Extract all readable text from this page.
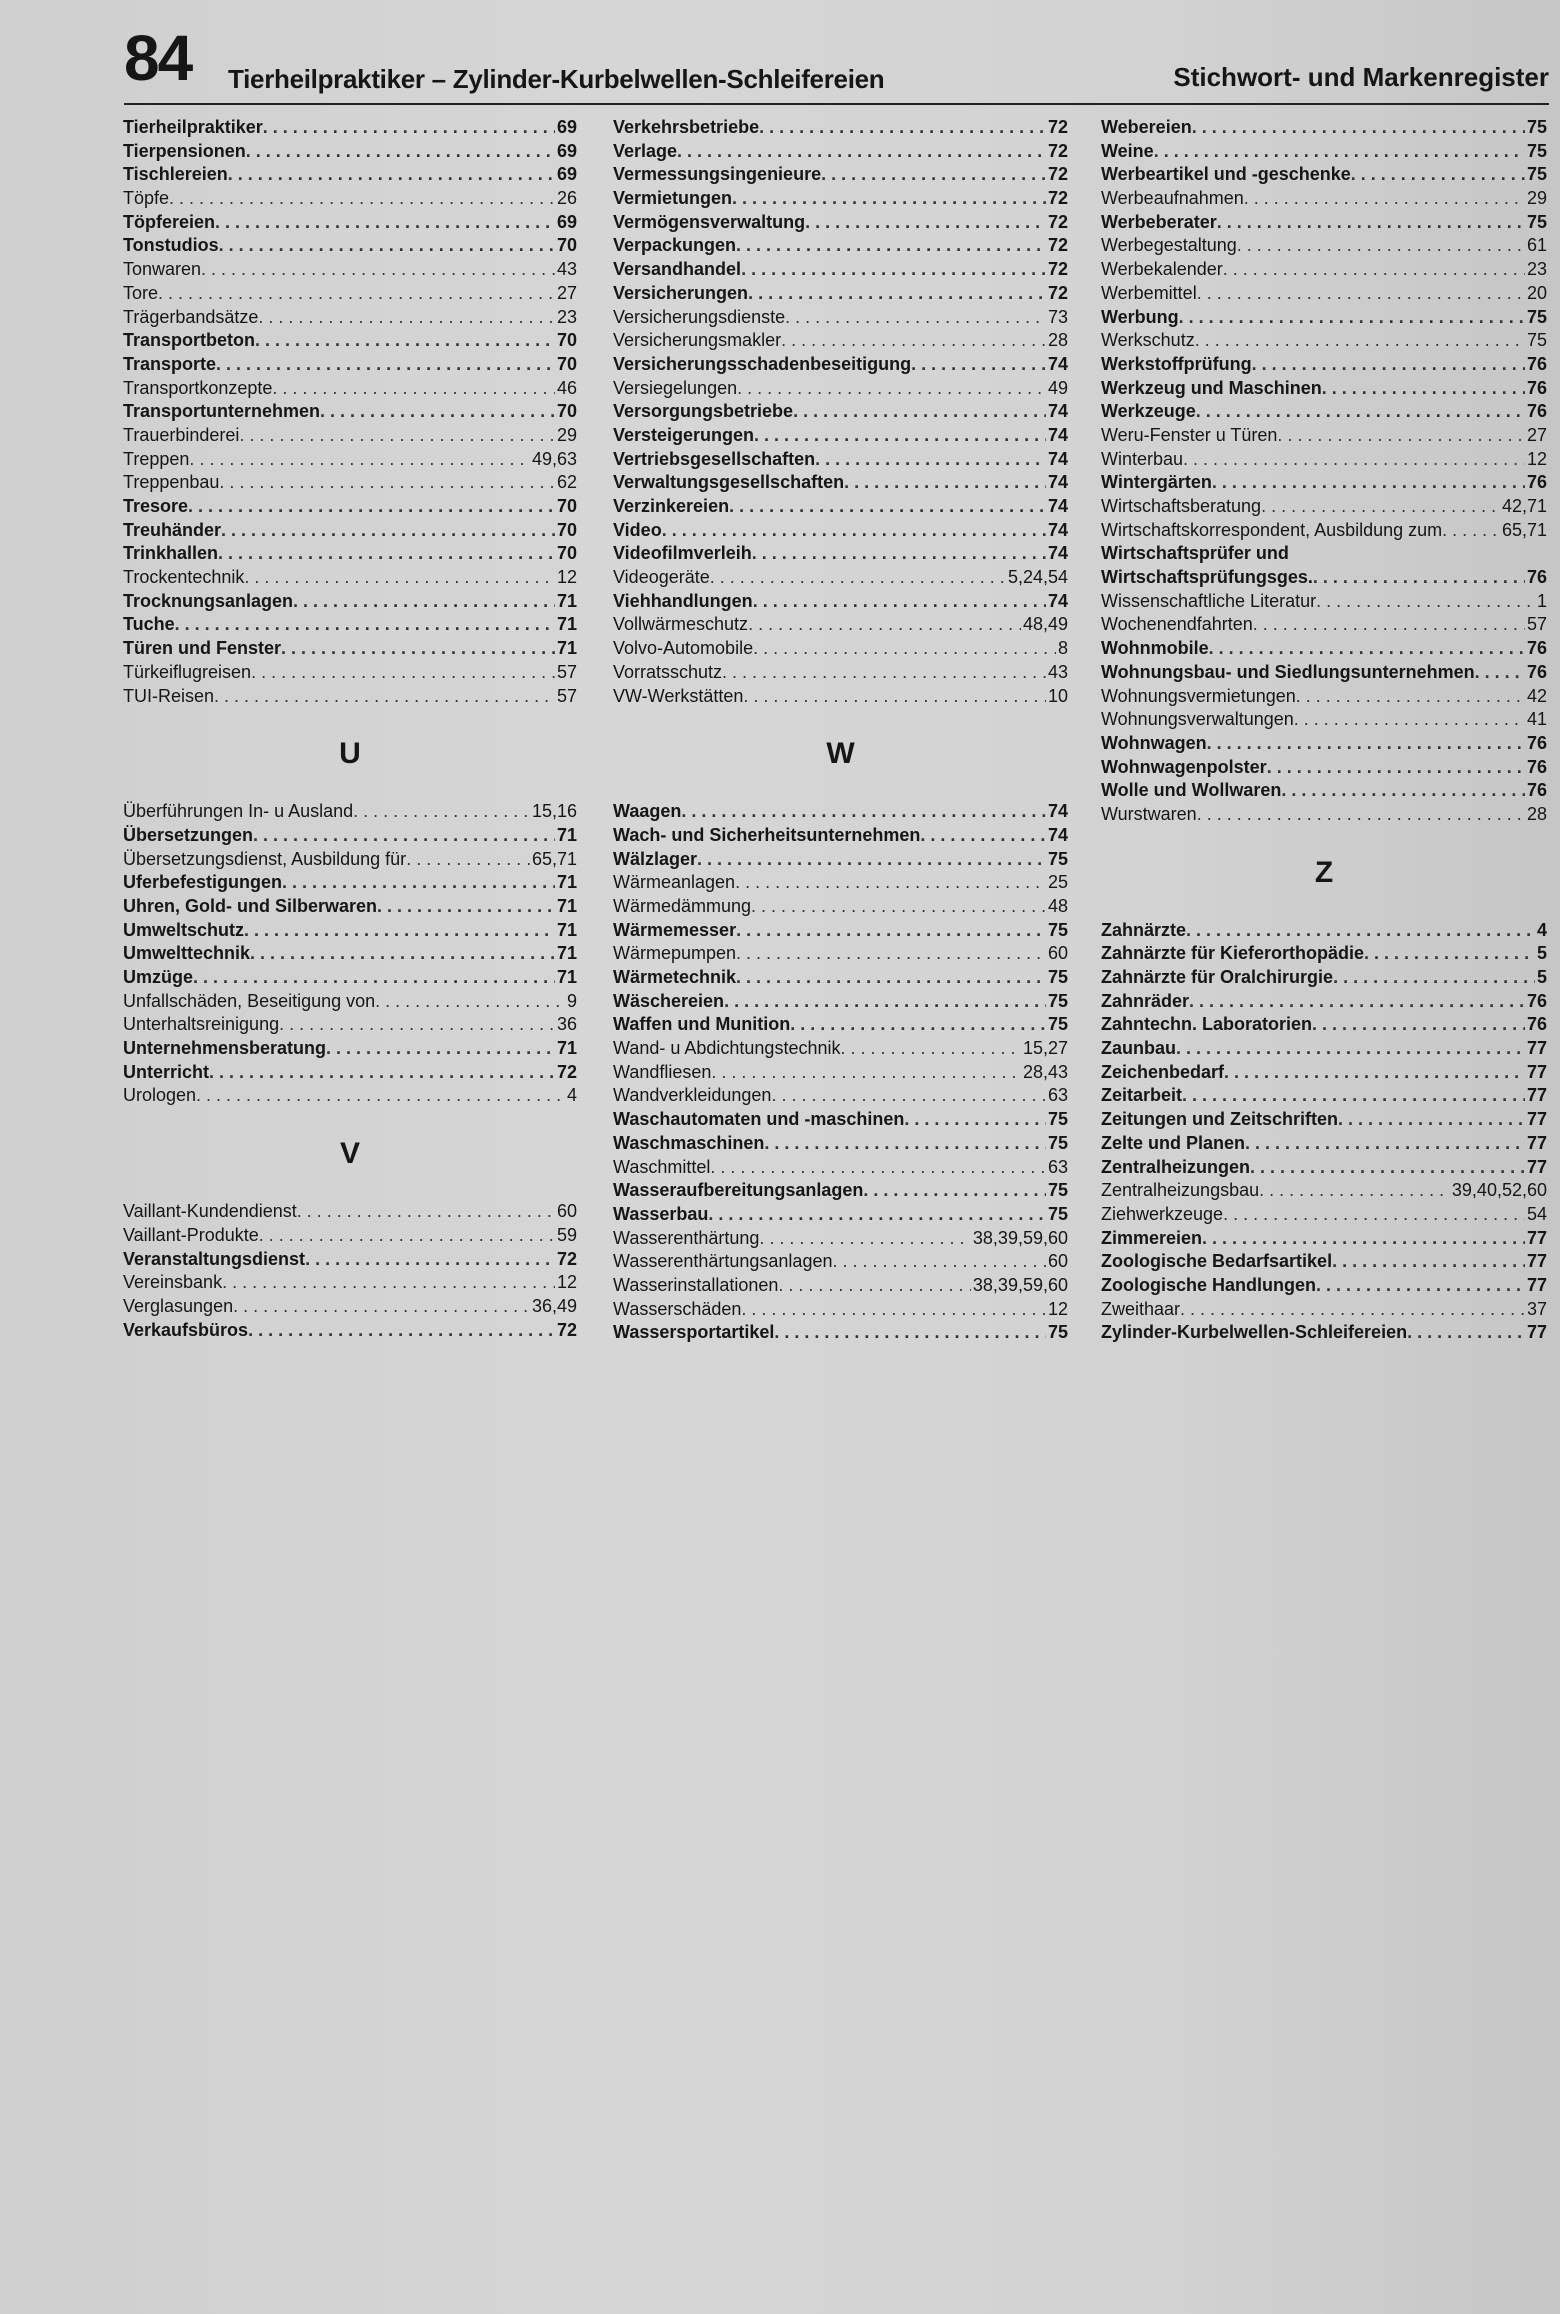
84 Tierheilpraktiker – Zylinder-Kurbelwellen-Schleifereien	Stichwort- und Markenregister
Tierheilpraktiker . . .	69
Tierpensionen . . .	69
Tischlereien . . .	69
Töpfe . . .	26
Töpfereien . . .	69
Tonstudios . . .	70
Tonwaren . . .	43
Tore . . .	27
Trägerbandsätze . . .	23
Transportbeton . . .	70
Transporte . . .	70
Transportkonzepte . . .	46
Transportunternehmen . . .	70
Trauerbinderei . . .	29
Treppen . . .	49,63
Treppenbau . . .	62
Tresore . . .	70
Treuhänder . . .	70
Trinkhallen . . .	70
Trockentechnik . . .	12
Trocknungsanlagen . . .	71
Tuche . . .	71
Türen und Fenster . . .	71
Türkeiflugreisen . . .	57
TUI-Reisen . . .	57
U
Überführungen In- u Ausland . . .	15,16
Übersetzungen . . .	71
Übersetzungsdienst, Ausbildung für . . .	65,71
Uferbefestigungen . . .	71
Uhren, Gold- und Silberwaren . . .	71
Umweltschutz . . .	71
Umwelttechnik . . .	71
Umzüge . . .	71
Unfallschäden, Beseitigung von . . .	9
Unterhaltsreinigung . . .	36
Unternehmensberatung . . .	71
Unterricht . . .	72
Urologen . . .	4
V
Vaillant-Kundendienst . . .	60
Vaillant-Produkte . . .	59
Veranstaltungsdienst . . .	72
Vereinsbank . . .	12
Verglasungen . . .	36,49
Verkaufsbüros . . .	72
Verkehrsbetriebe . . .	72
Verlage . . .	72
Vermessungsingenieure . . .	72
Vermietungen . . .	72
Vermögensverwaltung . . .	72
Verpackungen . . .	72
Versandhandel . . .	72
Versicherungen . . .	72
Versicherungsdienste . . .	73
Versicherungsmakler . . .	28
Versicherungsschadenbeseitigung . . .	74
Versiegelungen . . .	49
Versorgungsbetriebe . . .	74
Versteigerungen . . .	74
Vertriebsgesellschaften . . .	74
Verwaltungsgesellschaften . . .	74
Verzinkereien . . .	74
Video . . .	74
Videofilmverleih . . .	74
Videogeräte . . .	5,24,54
Viehhandlungen . . .	74
Vollwärmeschutz . . .	48,49
Volvo-Automobile . . .	8
Vorratsschutz . . .	43
VW-Werkstätten . . .	10
W
Waagen . . .	74
Wach- und Sicherheitsunternehmen . . .	74
Wälzlager . . .	75
Wärmeanlagen . . .	25
Wärmedämmung . . .	48
Wärmemesser . . .	75
Wärmepumpen . . .	60
Wärmetechnik . . .	75
Wäschereien . . .	75
Waffen und Munition . . .	75
Wand- u Abdichtungstechnik . . .	15,27
Wandfliesen . . .	28,43
Wandverkleidungen . . .	63
Waschautomaten und -maschinen . . .	75
Waschmaschinen . . .	75
Waschmittel . . .	63
Wasseraufbereitungsanlagen . . .	75
Wasserbau . . .	75
Wasserenthärtung . . .	38,39,59,60
Wasserenthärtungsanlagen . . .	60
Wasserinstallationen . . .	38,39,59,60
Wasserschäden . . .	12
Wassersportartikel . . .	75
Webereien . . .	75
Weine . . .	75
Werbeartikel und -geschenke . . .	75
Werbeaufnahmen . . .	29
Werbeberater . . .	75
Werbegestaltung . . .	61
Werbekalender . . .	23
Werbemittel . . .	20
Werbung . . .	75
Werkschutz . . .	75
Werkstoffprüfung . . .	76
Werkzeug und Maschinen . . .	76
Werkzeuge . . .	76
Weru-Fenster u Türen . . .	27
Winterbau . . .	12
Wintergärten . . .	76
Wirtschaftsberatung . . .	42,71
Wirtschaftskorrespondent, Ausbildung zum . . .	65,71
Wirtschaftsprüfer und
Wirtschaftsprüfungsges. . . .	76
Wissenschaftliche Literatur . . .	1
Wochenendfahrten . . .	57
Wohnmobile . . .	76
Wohnungsbau- und Siedlungsunternehmen . . .	76
Wohnungsvermietungen . . .	42
Wohnungsverwaltungen . . .	41
Wohnwagen . . .	76
Wohnwagenpolster . . .	76
Wolle und Wollwaren . . .	76
Wurstwaren . . .	28
Z
Zahnärzte . . .	4
Zahnärzte für Kieferorthopädie . . .	5
Zahnärzte für Oralchirurgie . . .	5
Zahnräder . . .	76
Zahntechn. Laboratorien . . .	76
Zaunbau . . .	77
Zeichenbedarf . . .	77
Zeitarbeit . . .	77
Zeitungen und Zeitschriften . . .	77
Zelte und Planen . . .	77
Zentralheizungen . . .	77
Zentralheizungsbau . . .	39,40,52,60
Ziehwerkzeuge . . .	54
Zimmereien . . .	77
Zoologische Bedarfsartikel . . .	77
Zoologische Handlungen . . .	77
Zweithaar . . .	37
Zylinder-Kurbelwellen-Schleifereien . . .	77
